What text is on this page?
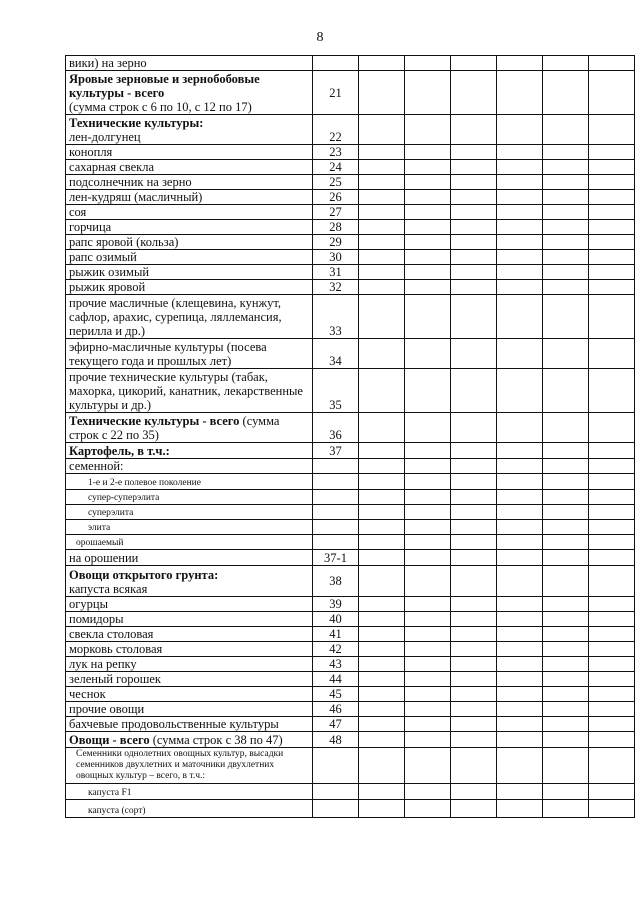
8
вики) на зерно							
Яровые зерновые и зернобобовые культуры - всего
(сумма строк с 6 по 10, с 12 по 17)	21						
Технические культуры:
лен-долгунец	22						
конопля	23						
сахарная свекла	24						
подсолнечник на зерно	25						
лен-кудряш (масличный)	26						
соя	27						
горчица	28						
рапс яровой (кольза)	29						
рапс озимый	30						
рыжик озимый	31						
рыжик яровой	32						
прочие масличные (клещевина, кунжут, сафлор, арахис, сурепица, ляллемансия, перилла и др.)	33						
эфирно-масличные культуры (посева текущего года и прошлых лет)	34						
прочие технические культуры (табак, махорка, цикорий, канатник, лекарственные культуры и др.)	35						
Технические культуры - всего (сумма строк с 22 по 35)	36						
Картофель, в т.ч.:	37						
семенной:							
1-е и 2-е полевое поколение							
супер-суперэлита							
суперэлита							
элита							
орошаемый							
на орошении	37-1						
Овощи открытого грунта:
капуста всякая	38						
огурцы	39						
помидоры	40						
свекла столовая	41						
морковь столовая	42						
лук на репку	43						
зеленый горошек	44						
чеснок	45						
прочие овощи	46						
бахчевые продовольственные культуры	47						
Овощи - всего (сумма строк с 38 по 47)	48						
Семенники однолетних овощных культур, высадки семенников двухлетних и маточники двухлетних овощных культур – всего, в т.ч.:							
капуста F1							
капуста (сорт)							
